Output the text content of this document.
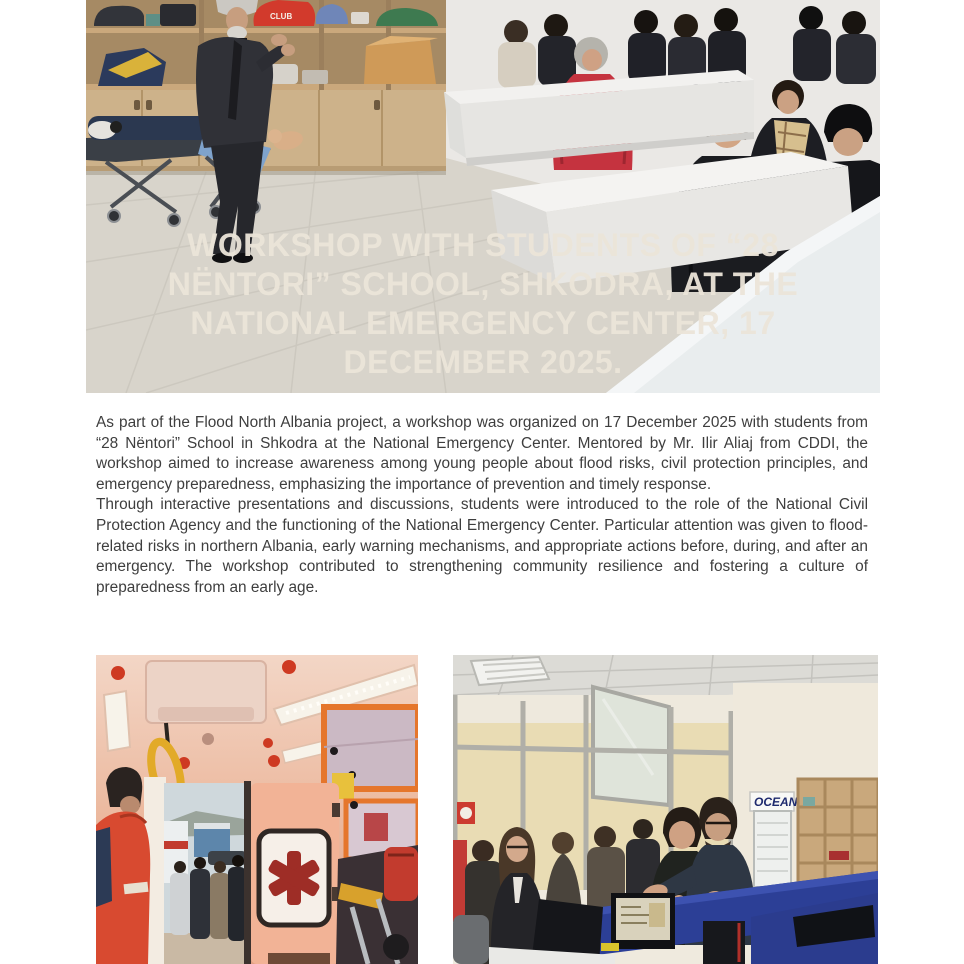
CLUB
WORKSHOP WITH STUDENTS OF “28
NËNTORI” SCHOOL, SHKODRA, AT THE
NATIONAL EMERGENCY CENTER, 17
DECEMBER 2025.

As part of the Flood North Albania project, a workshop was organized on 17 December 2025 with students from “28 Nëntori” School in Shkodra at the National Emergency Center. Mentored by Mr. Ilir Aliaj from CDDI, the workshop aimed to increase awareness among young people about flood risks, civil protection principles, and emergency preparedness, emphasizing the importance of prevention and timely response.

Through interactive presentations and discussions, students were introduced to the role of the National Civil Protection Agency and the functioning of the National Emergency Center. Particular attention was given to flood-related risks in northern Albania, early warning mechanisms, and appropriate actions before, during, and after an emergency. The workshop contributed to strengthening community resilience and fostering a culture of preparedness from an early age.

OCEAN
